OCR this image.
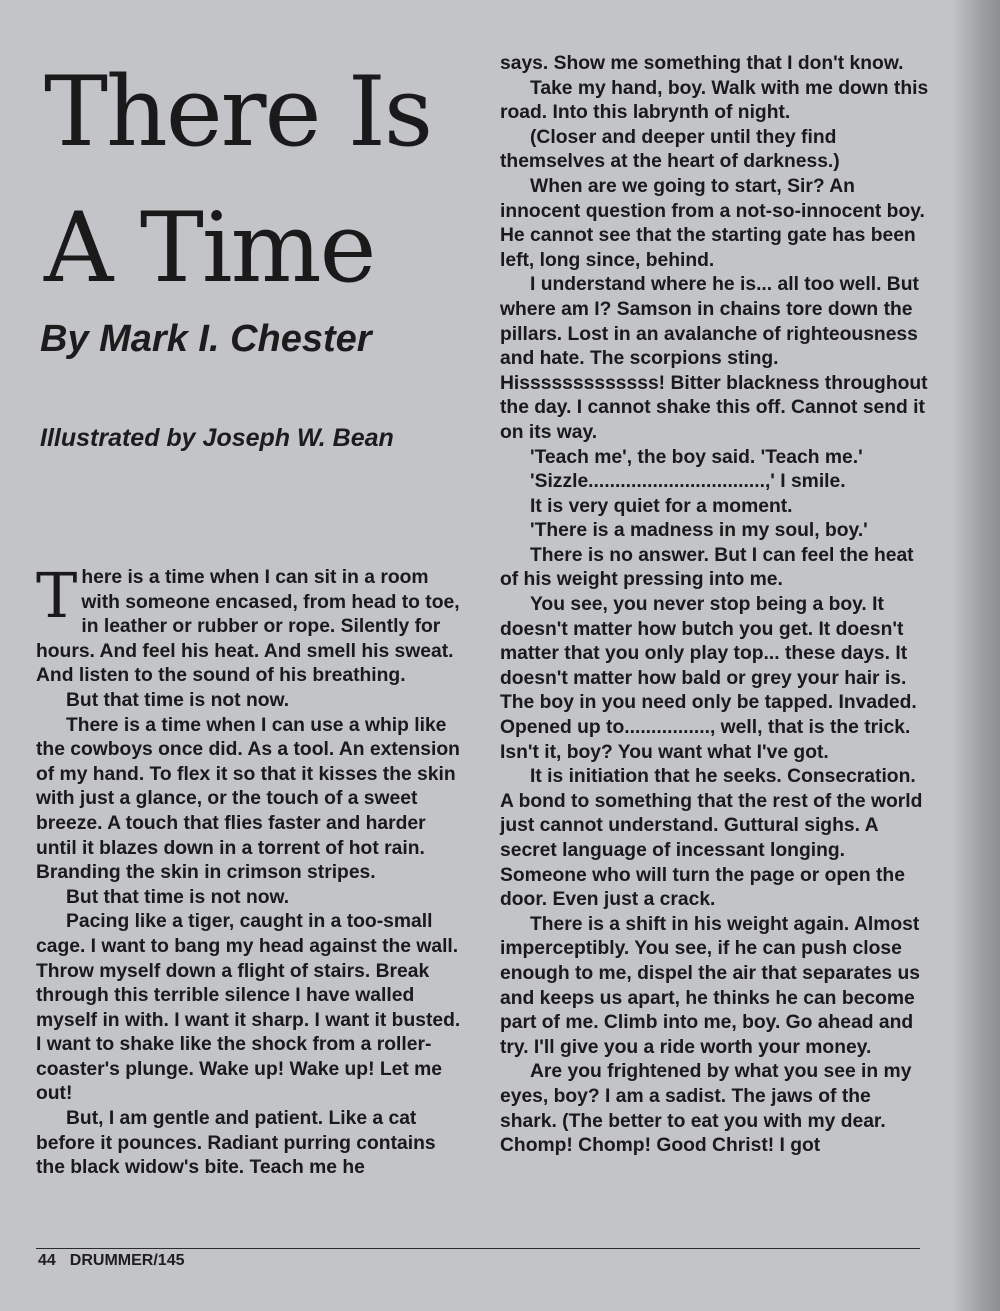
There Is
A Time
By Mark I. Chester
Illustrated by Joseph W. Bean

There is a time when I can sit in a room with someone encased, from head to toe, in leather or rubber or rope. Silently for hours. And feel his heat. And smell his sweat. And listen to the sound of his breathing.

But that time is not now.

There is a time when I can use a whip like the cowboys once did. As a tool. An extension of my hand. To flex it so that it kisses the skin with just a glance, or the touch of a sweet breeze. A touch that flies faster and harder until it blazes down in a torrent of hot rain. Branding the skin in crimson stripes.

But that time is not now.

Pacing like a tiger, caught in a too-small cage. I want to bang my head against the wall. Throw myself down a flight of stairs. Break through this terrible silence I have walled myself in with. I want it sharp. I want it busted. I want to shake like the shock from a roller-coaster's plunge. Wake up! Wake up! Let me out!

But, I am gentle and patient. Like a cat before it pounces. Radiant purring contains the black widow's bite. Teach me he

says. Show me something that I don't know.

Take my hand, boy. Walk with me down this road. Into this labrynth of night.

(Closer and deeper until they find themselves at the heart of darkness.)

When are we going to start, Sir? An innocent question from a not-so-innocent boy. He cannot see that the starting gate has been left, long since, behind.

I understand where he is... all too well. But where am I? Samson in chains tore down the pillars. Lost in an avalanche of righteousness and hate. The scorpions sting. Hisssssssssssss! Bitter blackness throughout the day. I cannot shake this off. Cannot send it on its way.

'Teach me', the boy said. 'Teach me.'

'Sizzle.................................,' I smile.

It is very quiet for a moment.

'There is a madness in my soul, boy.'

There is no answer. But I can feel the heat of his weight pressing into me.

You see, you never stop being a boy. It doesn't matter how butch you get. It doesn't matter that you only play top... these days. It doesn't matter how bald or grey your hair is. The boy in you need only be tapped. Invaded. Opened up to................, well, that is the trick. Isn't it, boy? You want what I've got.

It is initiation that he seeks. Consecration. A bond to something that the rest of the world just cannot understand. Guttural sighs. A secret language of incessant longing. Someone who will turn the page or open the door. Even just a crack.

There is a shift in his weight again. Almost imperceptibly. You see, if he can push close enough to me, dispel the air that separates us and keeps us apart, he thinks he can become part of me. Climb into me, boy. Go ahead and try. I'll give you a ride worth your money.

Are you frightened by what you see in my eyes, boy? I am a sadist. The jaws of the shark. (The better to eat you with my dear. Chomp! Chomp! Good Christ! I got

44 DRUMMER/145
